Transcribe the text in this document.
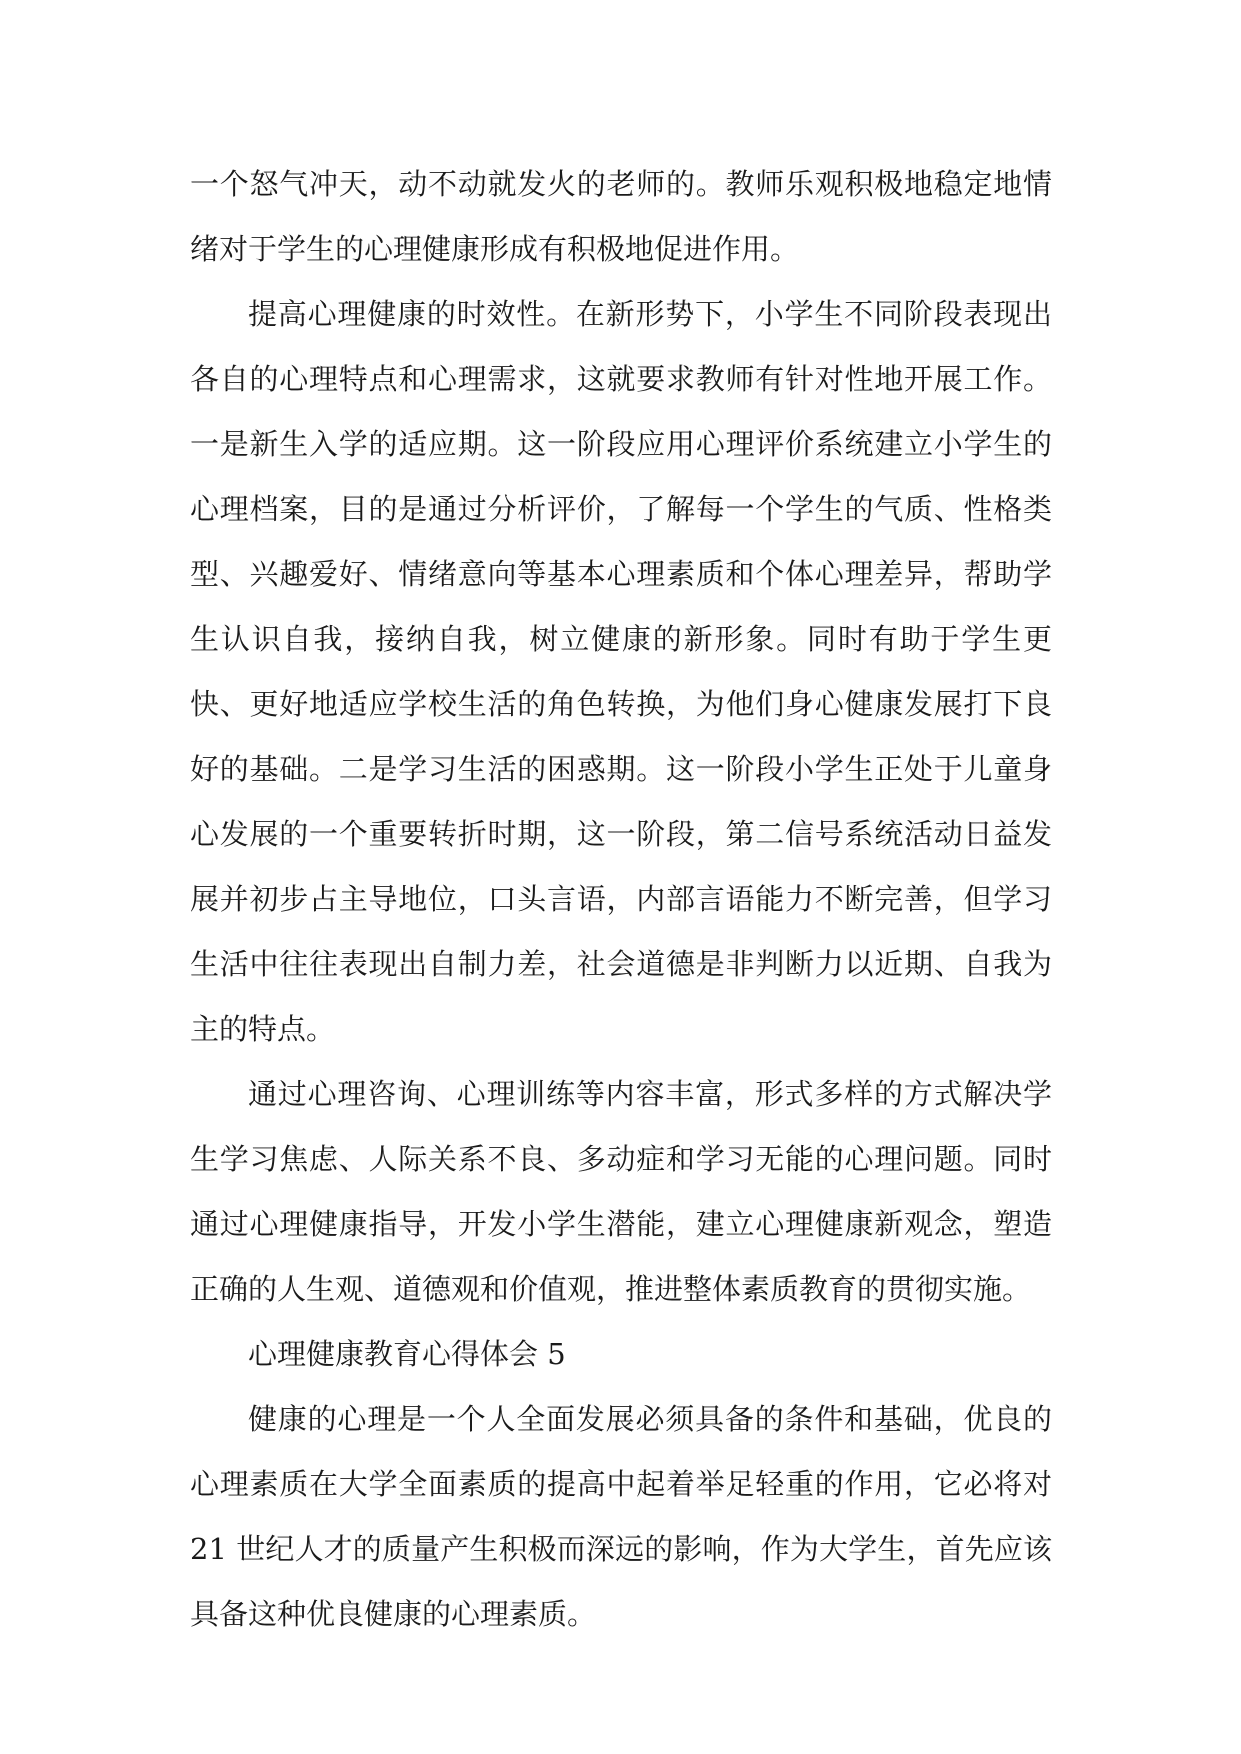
一个怒气冲天，动不动就发火的老师的。教师乐观积极地稳定地情绪对于学生的心理健康形成有积极地促进作用。

提高心理健康的时效性。在新形势下，小学生不同阶段表现出各自的心理特点和心理需求，这就要求教师有针对性地开展工作。一是新生入学的适应期。这一阶段应用心理评价系统建立小学生的心理档案，目的是通过分析评价，了解每一个学生的气质、性格类型、兴趣爱好、情绪意向等基本心理素质和个体心理差异，帮助学生认识自我，接纳自我，树立健康的新形象。同时有助于学生更快、更好地适应学校生活的角色转换，为他们身心健康发展打下良好的基础。二是学习生活的困惑期。这一阶段小学生正处于儿童身心发展的一个重要转折时期，这一阶段，第二信号系统活动日益发展并初步占主导地位，口头言语，内部言语能力不断完善，但学习生活中往往表现出自制力差，社会道德是非判断力以近期、自我为主的特点。

通过心理咨询、心理训练等内容丰富，形式多样的方式解决学生学习焦虑、人际关系不良、多动症和学习无能的心理问题。同时通过心理健康指导，开发小学生潜能，建立心理健康新观念，塑造正确的人生观、道德观和价值观，推进整体素质教育的贯彻实施。

心理健康教育心得体会 5

健康的心理是一个人全面发展必须具备的条件和基础，优良的心理素质在大学全面素质的提高中起着举足轻重的作用，它必将对 21 世纪人才的质量产生积极而深远的影响，作为大学生，首先应该具备这种优良健康的心理素质。
